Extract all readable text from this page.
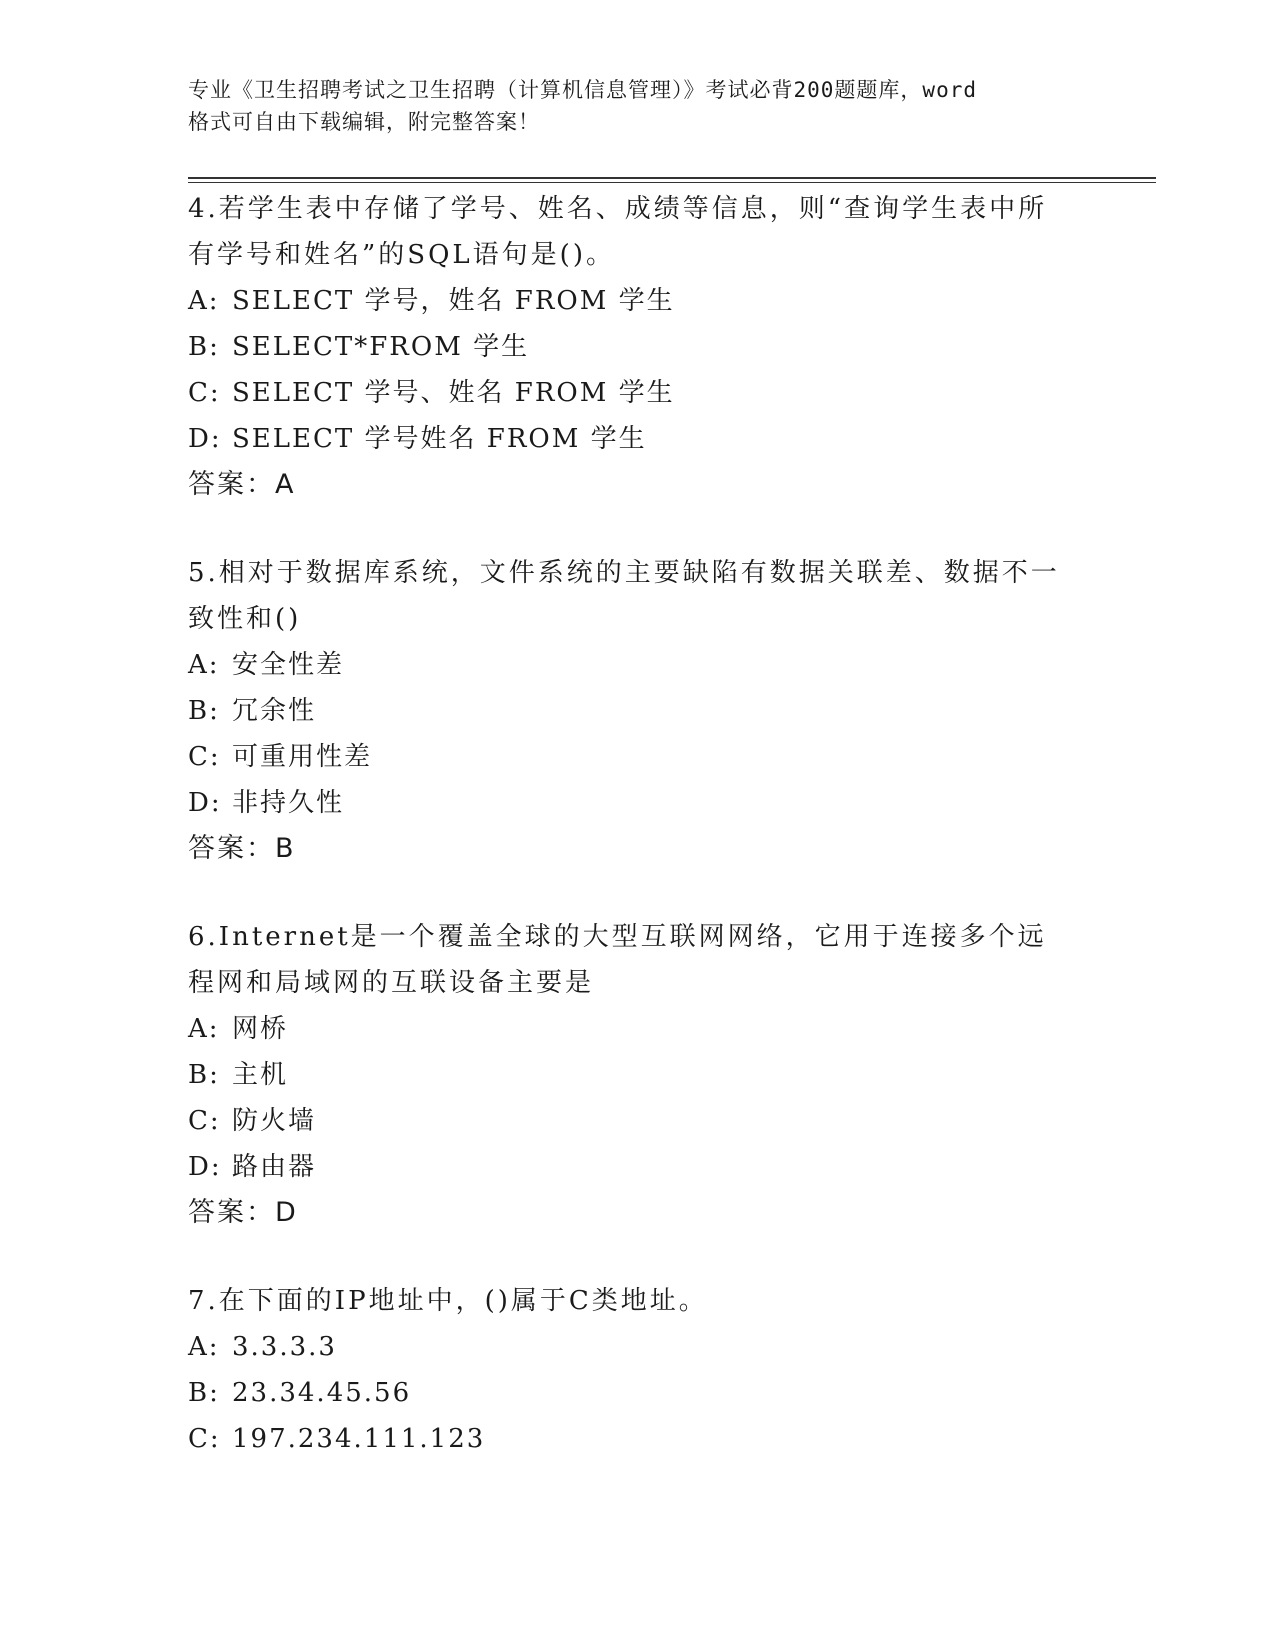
专业《卫生招聘考试之卫生招聘（计算机信息管理）》考试必背200题题库，word
格式可自由下载编辑，附完整答案！
4.若学生表中存储了学号、姓名、成绩等信息，则“查询学生表中所有学号和姓名”的SQL语句是()。
A: SELECT 学号，姓名 FROM 学生
B: SELECT*FROM 学生
C: SELECT 学号、姓名 FROM 学生
D: SELECT 学号姓名 FROM 学生
答案：A
5.相对于数据库系统，文件系统的主要缺陷有数据关联差、数据不一致性和()
A: 安全性差
B: 冗余性
C: 可重用性差
D: 非持久性
答案：B
6.Internet是一个覆盖全球的大型互联网网络，它用于连接多个远程网和局域网的互联设备主要是
A: 网桥
B: 主机
C: 防火墙
D: 路由器
答案：D
7.在下面的IP地址中，()属于C类地址。
A: 3.3.3.3
B: 23.34.45.56
C: 197.234.111.123
